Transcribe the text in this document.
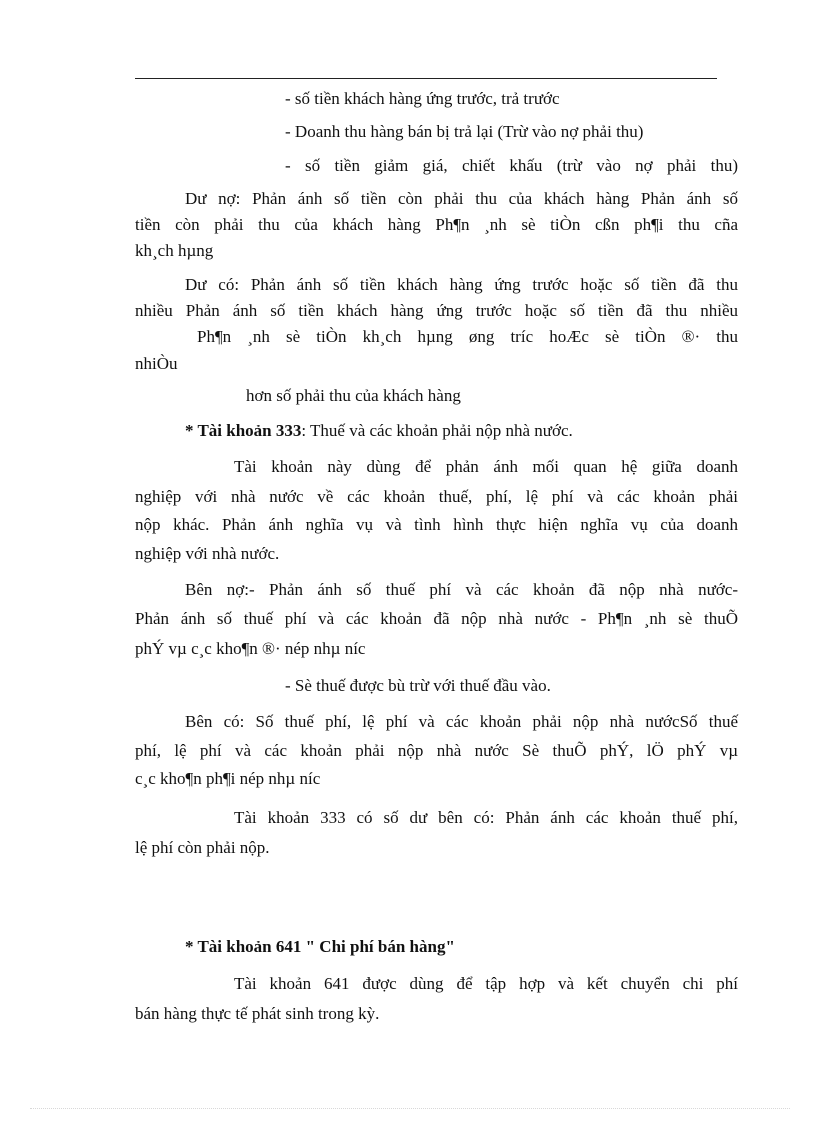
- số tiền khách hàng ứng trước, trả trước
- Doanh thu hàng bán bị trả lại (Trừ vào nợ phải thu)
- số tiền giảm giá, chiết khấu (trừ vào nợ phải thu)
Dư nợ: Phản ánh số tiền còn phải thu của khách hàng Phản ánh số
tiền còn phải thu của khách hàng Ph¶n ¸nh sè tiÒn cßn ph¶i thu cña
kh¸ch hµng
Dư có: Phản ánh số tiền khách hàng ứng trước hoặc số tiền đã thu
nhiều Phản ánh số tiền khách hàng ứng trước hoặc số tiền đã thu nhiều
Ph¶n ¸nh sè tiÒn kh¸ch hµng øng tríc hoÆc sè tiÒn ®· thu
nhiÒu
hơn số phải thu của khách hàng
* Tài khoản 333: Thuế và các khoản phải nộp nhà nước.
Tài khoản này dùng để phản ánh mối quan hệ giữa doanh
nghiệp với nhà nước về các khoản thuế, phí, lệ phí và các khoản phải
nộp khác. Phản ánh nghĩa vụ và tình hình thực hiện nghĩa vụ của doanh
nghiệp với nhà nước.
Bên nợ:- Phản ánh số thuế phí và các khoản đã nộp nhà nước-
Phản ánh số thuế phí và các khoản đã nộp nhà nước - Ph¶n ¸nh sè thuÕ
phÝ vµ c¸c kho¶n ®· nép nhµ níc
- Sè thuế được bù trừ với thuế đầu vào.
Bên có: Số thuế phí, lệ phí và các khoản phải nộp nhà nướcSố thuế
phí, lệ phí và các khoản phải nộp nhà nước Sè thuÕ phÝ, lÖ phÝ vµ
c¸c kho¶n ph¶i nép nhµ níc
Tài khoản 333 có số dư bên có: Phản ánh các khoản thuế phí,
lệ phí còn phải nộp.
* Tài khoản 641 " Chi phí bán hàng"
Tài khoản 641 được dùng để tập hợp và kết chuyển chi phí
bán hàng thực tế phát sinh trong kỳ.
